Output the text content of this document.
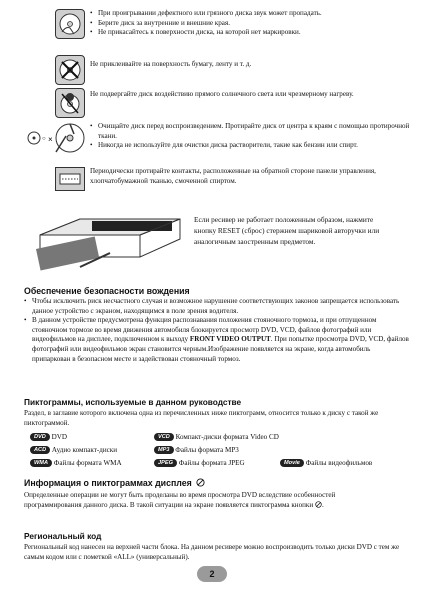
• При проигрывании дефектного или грязного диска звук может пропадать.
• Берите диск за внутренние и внешние края.
• Не прикасайтесь к поверхности диска, на которой нет маркировки.
Не приклеивайте на поверхность бумагу, ленту и т. д.
Не подвергайте диск воздействию прямого солнечного света или чрезмерному нагреву.
○ ×
• Очищайте диск перед воспроизведением. Протирайте диск от центра к краям с помощью протирочной ткани.
• Никогда не используйте для очистки диска растворители, такие как бензин или спирт.
Периодически протирайте контакты, расположенные на обратной стороне панели управления, хлопчатобумажной тканью, смоченной спиртом.
Если ресивер не работает положенным образом, нажмите кнопку RESET (сброс) стержнем шариковой авторучки или аналогичным заостренным предметом.
Обеспечение безопасности вождения
• Чтобы исключить риск несчастного случая и возможное нарушение соответствующих законов запрещается использовать данное устройство с экраном, находящимся в поле зрения водителя.
• В данном устройстве предусмотрена функция распознавания положения стояночного тормоза, и при отпущенном стояночном тормозе во время движения автомобиля блокируется просмотр DVD, VCD, файлов фотографий или видеофильмов на дисплее, подключенном к выходу FRONT VIDEO OUTPUT. При попытке просмотра DVD, VCD, файлов фотографий или видеофильмов экран становится черным.Изображение появляется на экране, когда автомобиль припаркован в безопасном месте и задействован стояночный тормоз.
Пиктограммы, используемые в данном руководстве
Раздел, в заглавие которого включена одна из перечисленных ниже пиктограмм, относится только к диску с такой же пиктограммой.
DVD DVD	VCD Компакт-диски формата Video CD
ACD Аудио компакт-диски	MP3 Файлы формата MP3
WMA Файлы формата WMA	JPEG Файлы формата JPEG	Movie Файлы видеофильмов
Информация о пиктограммах дисплея
Определенные операции не могут быть проделаны во время просмотра DVD вследствие особенностей программирования данного диска. В такой ситуации на экране появляется пиктограмма кнопки .
Региональный код
Региональный код нанесен на верхней части блока. На данном ресивере можно воспроизводить только диски DVD с тем же самым кодом или с пометкой «ALL» (универсальный).
2
